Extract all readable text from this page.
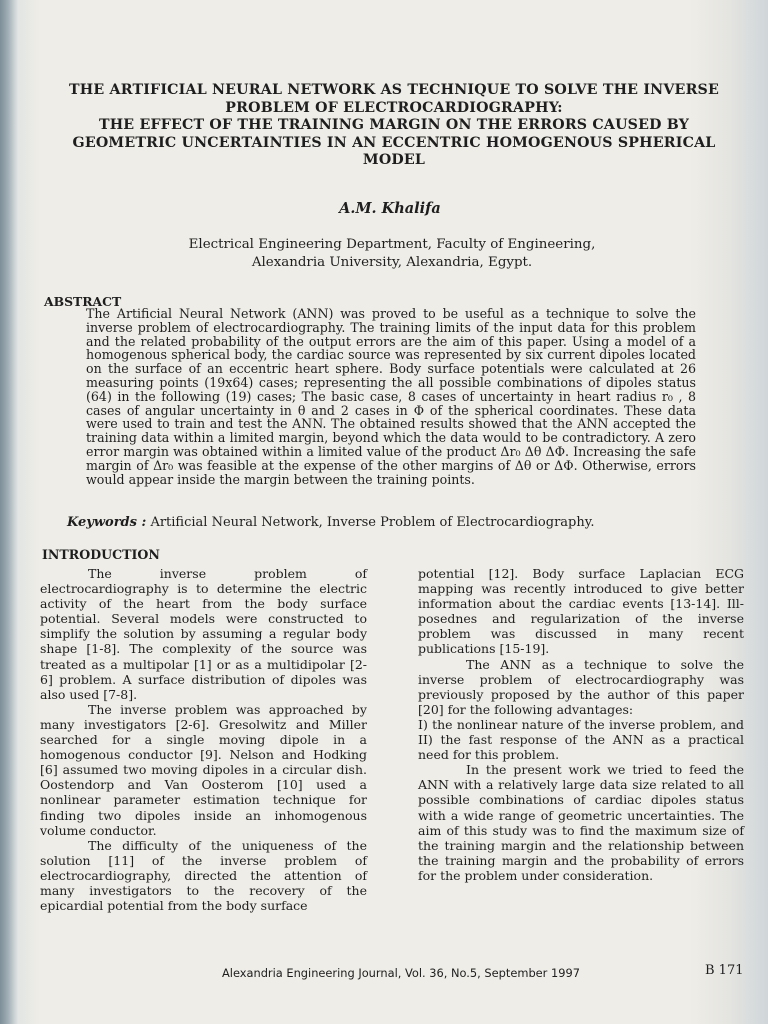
THE ARTIFICIAL NEURAL NETWORK AS TECHNIQUE TO SOLVE THE INVERSE
PROBLEM OF ELECTROCARDIOGRAPHY:
THE EFFECT OF THE TRAINING MARGIN ON THE ERRORS CAUSED BY
GEOMETRIC UNCERTAINTIES IN AN ECCENTRIC HOMOGENOUS SPHERICAL
MODEL
A.M. Khalifa
Electrical Engineering Department, Faculty of Engineering,
Alexandria University, Alexandria, Egypt.
ABSTRACT
The Artificial Neural Network (ANN) was proved to be useful as a technique to solve the inverse problem of electrocardiography. The training limits of the input data for this problem and the related probability of the output errors are the aim of this paper. Using a model of a homogenous spherical body, the cardiac source was represented by six current dipoles located on the surface of an eccentric heart sphere. Body surface potentials were calculated at 26 measuring points (19x64) cases; representing the all possible combinations of dipoles status (64) in the following (19) cases; The basic case, 8 cases of uncertainty in heart radius r₀ , 8 cases of angular uncertainty in θ and 2 cases in Φ of the spherical coordinates. These data were used to train and test the ANN. The obtained results showed that the ANN accepted the training data within a limited margin, beyond which the data would to be contradictory. A zero error margin was obtained within a limited value of the product Δr₀ Δθ ΔΦ. Increasing the safe margin of Δr₀ was feasible at the expense of the other margins of Δθ or ΔΦ. Otherwise, errors would appear inside the margin between the training points.
Keywords : Artificial Neural Network, Inverse Problem of Electrocardiography.
INTRODUCTION

The inverse problem of electrocardiography is to determine the electric activity of the heart from the body surface potential. Several models were constructed to simplify the solution by assuming a regular body shape [1-8]. The complexity of the source was treated as a multipolar [1] or as a multidipolar [2-6] problem. A surface distribution of dipoles was also used [7-8].

The inverse problem was approached by many investigators [2-6]. Gresolwitz and Miller searched for a single moving dipole in a homogenous conductor [9]. Nelson and Hodking [6] assumed two moving dipoles in a circular dish. Oostendorp and Van Oosterom [10] used a nonlinear parameter estimation technique for finding two dipoles inside an inhomogenous volume conductor.

The difficulty of the uniqueness of the solution [11] of the inverse problem of electrocardiography, directed the attention of many investigators to the recovery of the epicardial potential from the body surface

potential [12]. Body surface Laplacian ECG mapping was recently introduced to give better information about the cardiac events [13-14]. Ill-posednes and regularization of the inverse problem was discussed in many recent publications [15-19].

The ANN as a technique to solve the inverse problem of electrocardiography was previously proposed by the author of this paper [20] for the following advantages:

I) the nonlinear nature of the inverse problem, and II) the fast response of the ANN as a practical need for this problem.

In the present work we tried to feed the ANN with a relatively large data size related to all possible combinations of cardiac dipoles status with a wide range of geometric uncertainties. The aim of this study was to find the maximum size of the training margin and the relationship between the training margin and the probability of errors for the problem under consideration.

Alexandria Engineering Journal, Vol. 36, No.5, September 1997	B 171
